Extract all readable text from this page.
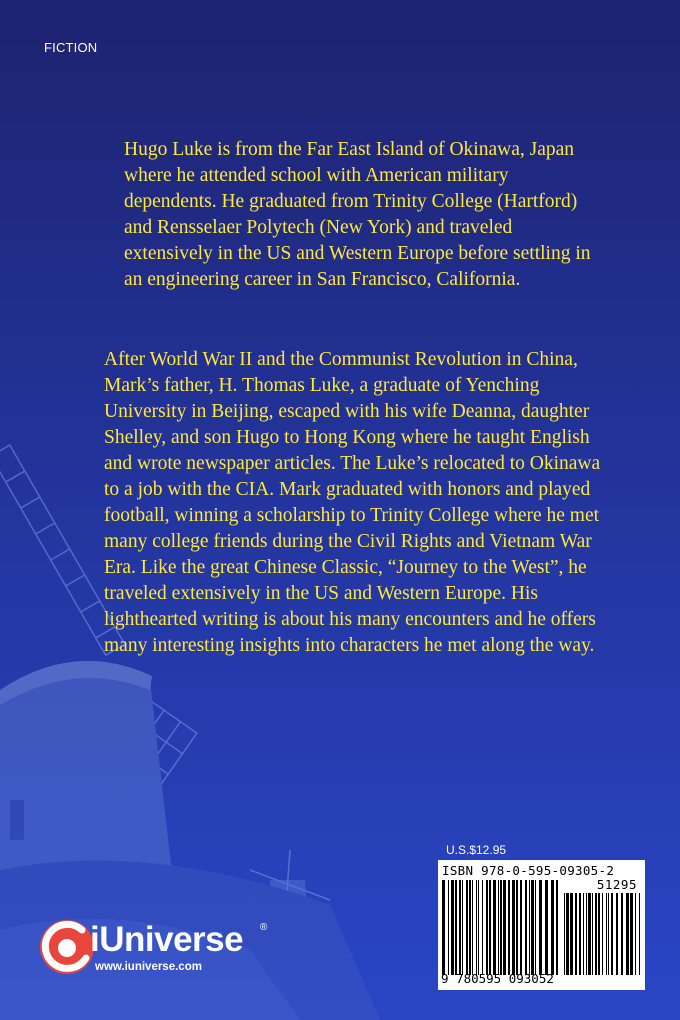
FICTION

Hugo Luke is from the Far East Island of Okinawa, Japan where he attended school with American military dependents. He graduated from Trinity College (Hartford) and Rensselaer Polytech (New York) and traveled extensively in the US and Western Europe before settling in an engineering career in San Francisco, California.

After World War II and the Communist Revolution in China, Mark’s father, H. Thomas Luke, a graduate of Yenching University in Beijing, escaped with his wife Deanna, daughter Shelley, and son Hugo to Hong Kong where he taught English and wrote newspaper articles. The Luke’s relocated to Okinawa to a job with the CIA. Mark graduated with honors and played football, winning a scholarship to Trinity College where he met many college friends during the Civil Rights and Vietnam War Era. Like the great Chinese Classic, “Journey to the West”, he traveled extensively in the US and Western Europe. His lighthearted writing is about his many encounters and he offers many interesting insights into characters he met along the way.

U.S.$12.95
ISBN 978-0-595-09305-2
51295
9 780595 093052
iUniverse ®
www.iuniverse.com
